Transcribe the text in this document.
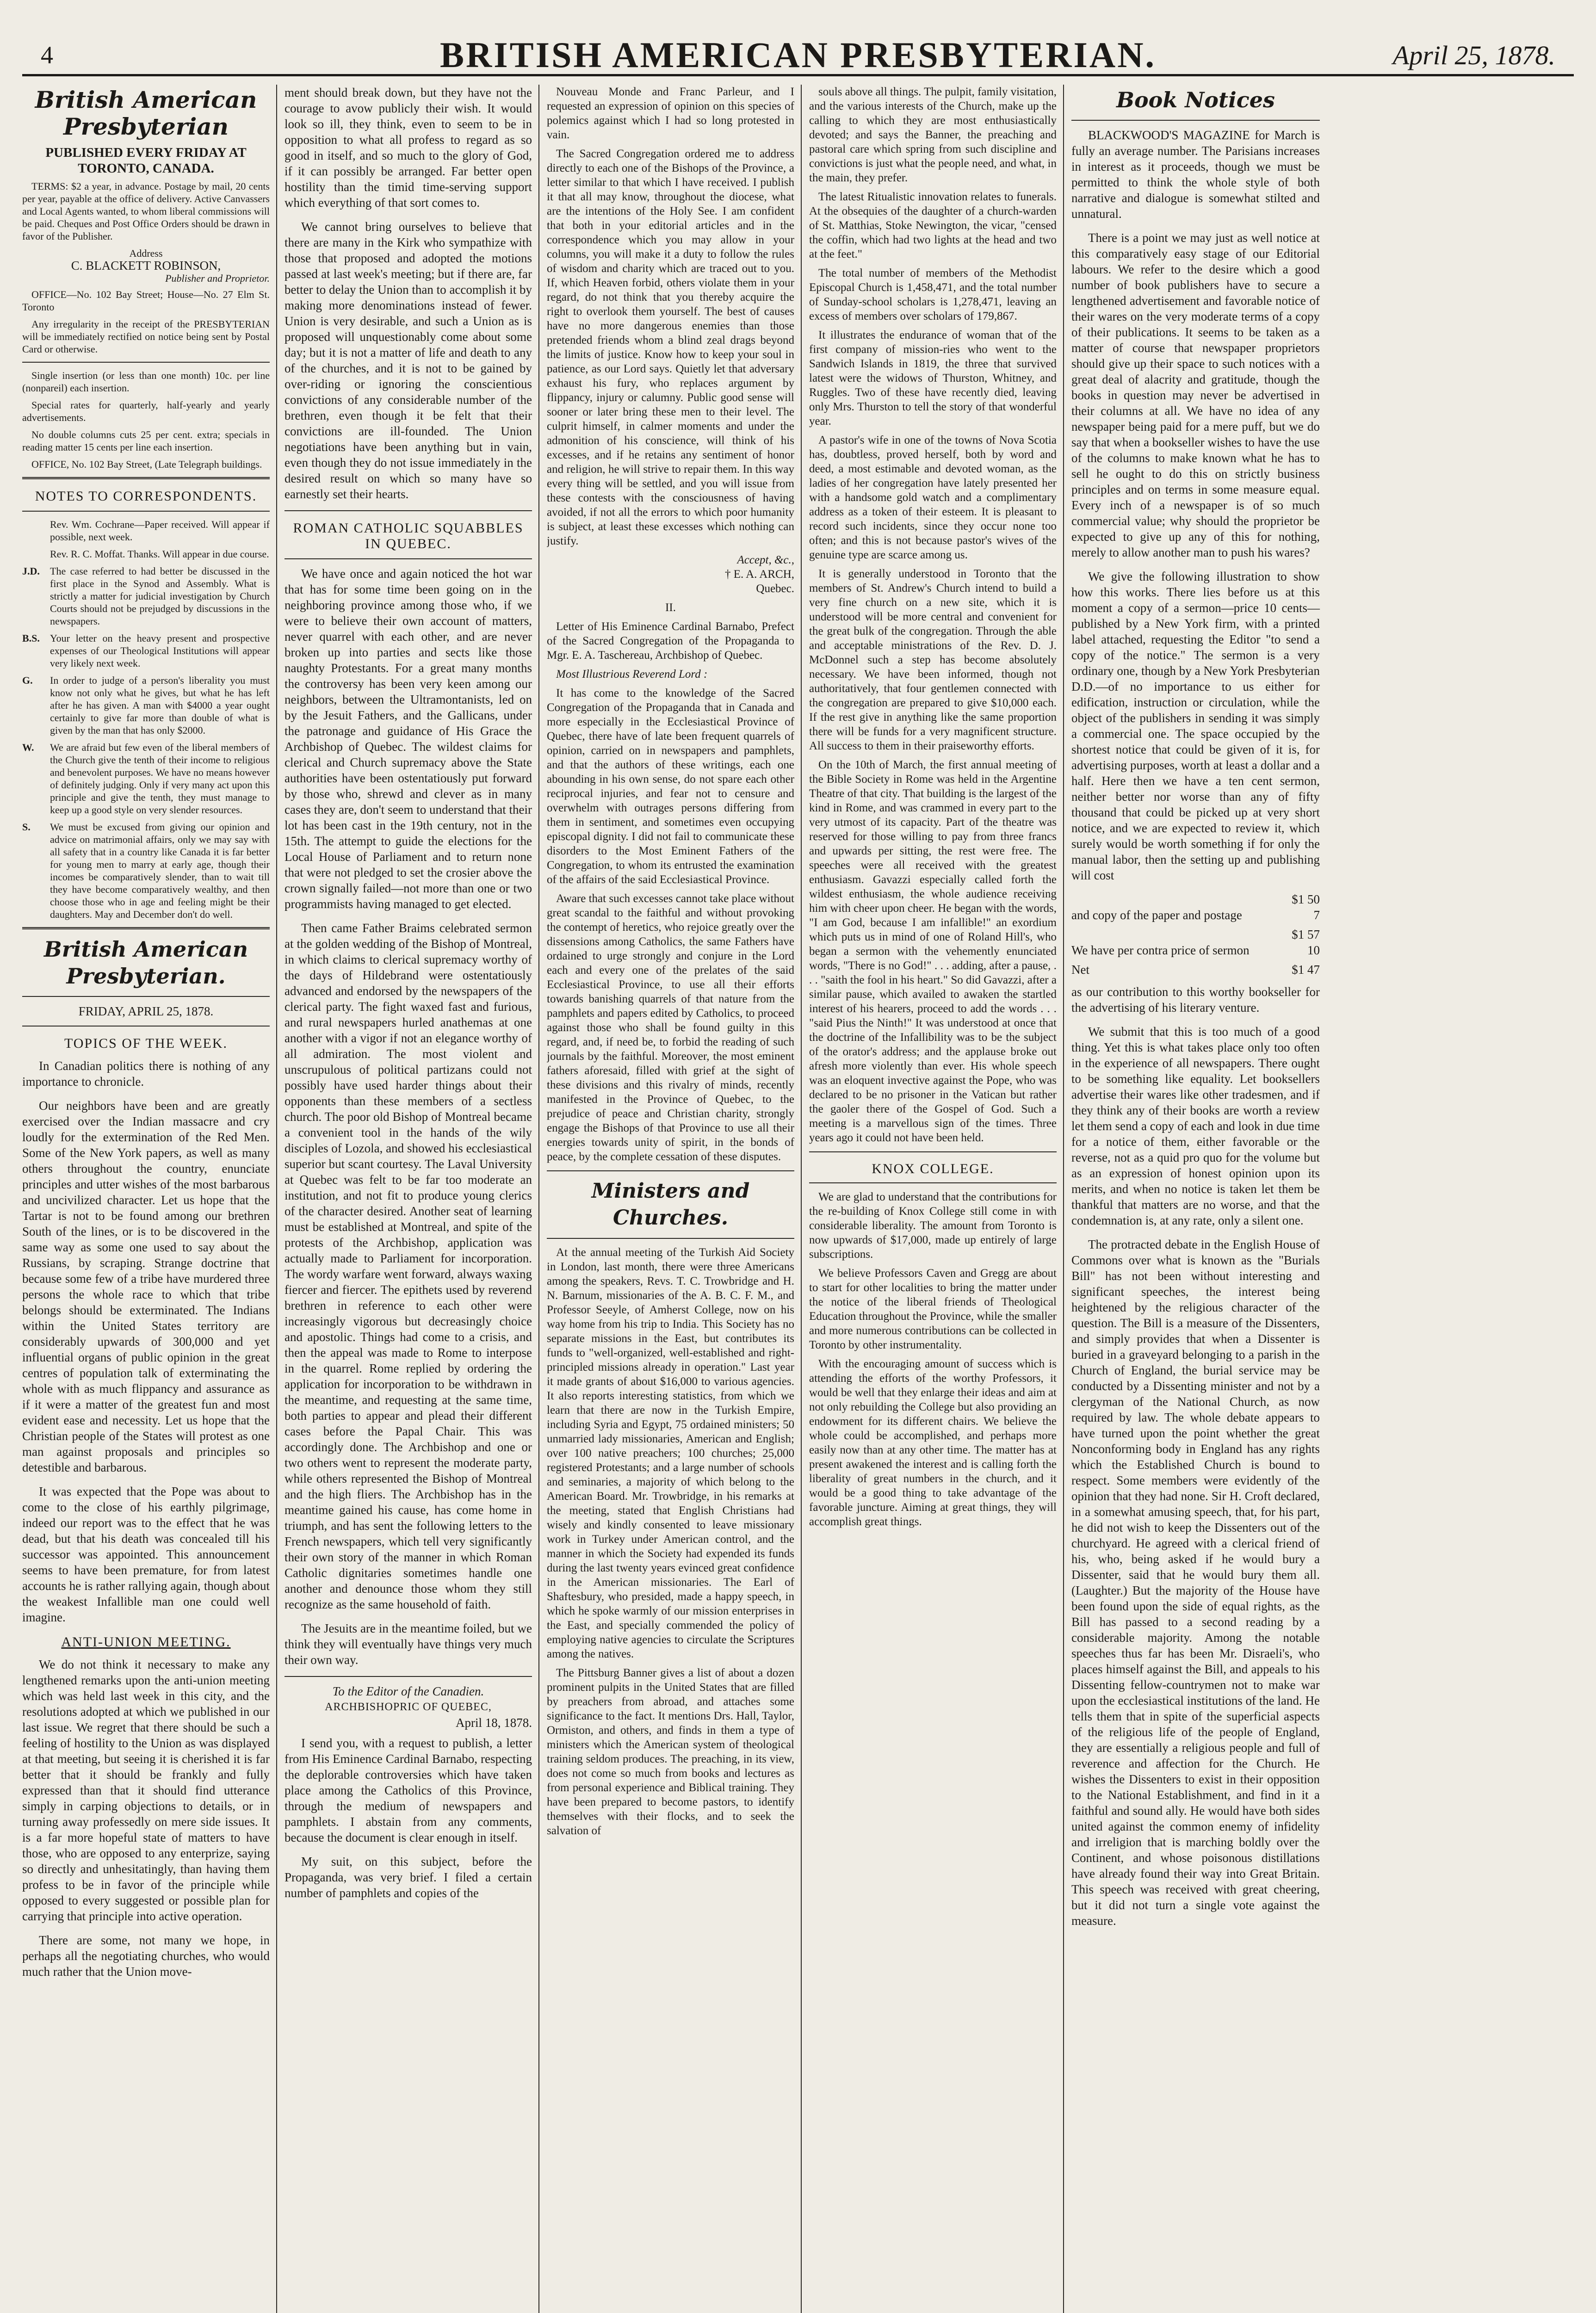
4	BRITISH AMERICAN PRESBYTERIAN.	April 25, 1878.
British American Presbyterian
PUBLISHED EVERY FRIDAY AT
TORONTO, CANADA.

TERMS: $2 a year, in advance. Postage by mail, 20 cents per year, payable at the office of delivery. Active Canvassers and Local Agents wanted, to whom liberal commissions will be paid. Cheques and Post Office Orders should be drawn in favor of the Publisher.

Address
C. BLACKETT ROBINSON,
Publisher and Proprietor.

OFFICE—No. 102 Bay Street; House—No. 27 Elm St. Toronto

Any irregularity in the receipt of the PRESBYTERIAN will be immediately rectified on notice being sent by Postal Card or otherwise.

Single insertion (or less than one month) 10c. per line (nonpareil) each insertion.

Special rates for quarterly, half-yearly and yearly advertisements.

No double columns cuts 25 per cent. extra; specials in reading matter 15 cents per line each insertion.

OFFICE, No. 102 Bay Street, (Late Telegraph buildings.

NOTES TO CORRESPONDENTS.

Rev. Wm. Cochrane—Paper received. Will appear if possible, next week.

Rev. R. C. Moffat. Thanks. Will appear in due course.

J.D. The case referred to had better be discussed in the first place in the Synod and Assembly. What is strictly a matter for judicial investigation by Church Courts should not be prejudged by discussions in the newspapers.

B.S. Your letter on the heavy present and prospective expenses of our Theological Institutions will appear very likely next week.

G. In order to judge of a person's liberality you must know not only what he gives, but what he has left after he has given. A man with $4000 a year ought certainly to give far more than double of what is given by the man that has only $2000.

W. We are afraid but few even of the liberal members of the Church give the tenth of their income to religious and benevolent purposes. We have no means however of definitely judging. Only if very many act upon this principle and give the tenth, they must manage to keep up a good style on very slender resources.

S. We must be excused from giving our opinion and advice on matrimonial affairs, only we may say with all safety that in a country like Canada it is far better for young men to marry at early age, though their incomes be comparatively slender, than to wait till they have become comparatively wealthy, and then choose those who in age and feeling might be their daughters. May and December don't do well.

British American Presbyterian.
FRIDAY, APRIL 25, 1878.
TOPICS OF THE WEEK.

In Canadian politics there is nothing of any importance to chronicle.

Our neighbors have been and are greatly exercised over the Indian massacre and cry loudly for the extermination of the Red Men. Some of the New York papers, as well as many others throughout the country, enunciate principles and utter wishes of the most barbarous and uncivilized character. Let us hope that the Tartar is not to be found among our brethren South of the lines, or is to be discovered in the same way as some one used to say about the Russians, by scraping. Strange doctrine that because some few of a tribe have murdered three persons the whole race to which that tribe belongs should be exterminated. The Indians within the United States territory are considerably upwards of 300,000 and yet influential organs of public opinion in the great centres of population talk of exterminating the whole with as much flippancy and assurance as if it were a matter of the greatest fun and most evident ease and necessity. Let us hope that the Christian people of the States will protest as one man against proposals and principles so detestible and barbarous.

It was expected that the Pope was about to come to the close of his earthly pilgrimage, indeed our report was to the effect that he was dead, but that his death was concealed till his successor was appointed. This announcement seems to have been premature, for from latest accounts he is rather rallying again, though about the weakest Infallible man one could well imagine.

ANTI-UNION MEETING.

We do not think it necessary to make any lengthened remarks upon the anti-union meeting which was held last week in this city, and the resolutions adopted at which we published in our last issue. We regret that there should be such a feeling of hostility to the Union as was displayed at that meeting, but seeing it is cherished it is far better that it should be frankly and fully expressed than that it should find utterance simply in carping objections to details, or in turning away professedly on mere side issues. It is a far more hopeful state of matters to have those, who are opposed to any enterprize, saying so directly and unhesitatingly, than having them profess to be in favor of the principle while opposed to every suggested or possible plan for carrying that principle into active operation.

There are some, not many we hope, in perhaps all the negotiating churches, who would much rather that the Union move-

ment should break down, but they have not the courage to avow publicly their wish. It would look so ill, they think, even to seem to be in opposition to what all profess to regard as so good in itself, and so much to the glory of God, if it can possibly be arranged. Far better open hostility than the timid time-serving support which everything of that sort comes to.

We cannot bring ourselves to believe that there are many in the Kirk who sympathize with those that proposed and adopted the motions passed at last week's meeting; but if there are, far better to delay the Union than to accomplish it by making more denominations instead of fewer. Union is very desirable, and such a Union as is proposed will unquestionably come about some day; but it is not a matter of life and death to any of the churches, and it is not to be gained by over-riding or ignoring the conscientious convictions of any considerable number of the brethren, even though it be felt that their convictions are ill-founded. The Union negotiations have been anything but in vain, even though they do not issue immediately in the desired result on which so many have so earnestly set their hearts.

ROMAN CATHOLIC SQUABBLES IN QUEBEC.

We have once and again noticed the hot war that has for some time been going on in the neighboring province among those who, if we were to believe their own account of matters, never quarrel with each other, and are never broken up into parties and sects like those naughty Protestants. For a great many months the controversy has been very keen among our neighbors, between the Ultramontanists, led on by the Jesuit Fathers, and the Gallicans, under the patronage and guidance of His Grace the Archbishop of Quebec. The wildest claims for clerical and Church supremacy above the State authorities have been ostentatiously put forward by those who, shrewd and clever as in many cases they are, don't seem to understand that their lot has been cast in the 19th century, not in the 15th. The attempt to guide the elections for the Local House of Parliament and to return none that were not pledged to set the crosier above the crown signally failed—not more than one or two programmists having managed to get elected.

Then came Father Braims celebrated sermon at the golden wedding of the Bishop of Montreal, in which claims to clerical supremacy worthy of the days of Hildebrand were ostentatiously advanced and endorsed by the newspapers of the clerical party. The fight waxed fast and furious, and rural newspapers hurled anathemas at one another with a vigor if not an elegance worthy of all admiration. The most violent and unscrupulous of political partizans could not possibly have used harder things about their opponents than these members of a sectless church. The poor old Bishop of Montreal became a convenient tool in the hands of the wily disciples of Lozola, and showed his ecclesiastical superior but scant courtesy. The Laval University at Quebec was felt to be far too moderate an institution, and not fit to produce young clerics of the character desired. Another seat of learning must be established at Montreal, and spite of the protests of the Archbishop, application was actually made to Parliament for incorporation. The wordy warfare went forward, always waxing fiercer and fiercer. The epithets used by reverend brethren in reference to each other were increasingly vigorous but decreasingly choice and apostolic. Things had come to a crisis, and then the appeal was made to Rome to interpose in the quarrel. Rome replied by ordering the application for incorporation to be withdrawn in the meantime, and requesting at the same time, both parties to appear and plead their different cases before the Papal Chair. This was accordingly done. The Archbishop and one or two others went to represent the moderate party, while others represented the Bishop of Montreal and the high fliers. The Archbishop has in the meantime gained his cause, has come home in triumph, and has sent the following letters to the French newspapers, which tell very significantly their own story of the manner in which Roman Catholic dignitaries sometimes handle one another and denounce those whom they still recognize as the same household of faith.

The Jesuits are in the meantime foiled, but we think they will eventually have things very much their own way.

To the Editor of the Canadien.
ARCHBISHOPRIC OF QUEBEC,
April 18, 1878.

I send you, with a request to publish, a letter from His Eminence Cardinal Barnabo, respecting the deplorable controversies which have taken place among the Catholics of this Province, through the medium of newspapers and pamphlets. I abstain from any comments, because the document is clear enough in itself.

My suit, on this subject, before the Propaganda, was very brief. I filed a certain number of pamphlets and copies of the

Nouveau Monde and Franc Parleur, and I requested an expression of opinion on this species of polemics against which I had so long protested in vain.

The Sacred Congregation ordered me to address directly to each one of the Bishops of the Province, a letter similar to that which I have received. I publish it that all may know, throughout the diocese, what are the intentions of the Holy See. I am confident that both in your editorial articles and in the correspondence which you may allow in your columns, you will make it a duty to follow the rules of wisdom and charity which are traced out to you. If, which Heaven forbid, others violate them in your regard, do not think that you thereby acquire the right to overlook them yourself. The best of causes have no more dangerous enemies than those pretended friends whom a blind zeal drags beyond the limits of justice. Know how to keep your soul in patience, as our Lord says. Quietly let that adversary exhaust his fury, who replaces argument by flippancy, injury or calumny. Public good sense will sooner or later bring these men to their level. The culprit himself, in calmer moments and under the admonition of his conscience, will think of his excesses, and if he retains any sentiment of honor and religion, he will strive to repair them. In this way every thing will be settled, and you will issue from these contests with the consciousness of having avoided, if not all the errors to which poor humanity is subject, at least these excesses which nothing can justify.

Accept, &c.,
† E. A. ARCH,
Quebec.
II.

Letter of His Eminence Cardinal Barnabo, Prefect of the Sacred Congregation of the Propaganda to Mgr. E. A. Taschereau, Archbishop of Quebec.

Most Illustrious Reverend Lord :

It has come to the knowledge of the Sacred Congregation of the Propaganda that in Canada and more especially in the Ecclesiastical Province of Quebec, there have of late been frequent quarrels of opinion, carried on in newspapers and pamphlets, and that the authors of these writings, each one abounding in his own sense, do not spare each other reciprocal injuries, and fear not to censure and overwhelm with outrages persons differing from them in sentiment, and sometimes even occupying episcopal dignity. I did not fail to communicate these disorders to the Most Eminent Fathers of the Congregation, to whom its entrusted the examination of the affairs of the said Ecclesiastical Province.

Aware that such excesses cannot take place without great scandal to the faithful and without provoking the contempt of heretics, who rejoice greatly over the dissensions among Catholics, the same Fathers have ordained to urge strongly and conjure in the Lord each and every one of the prelates of the said Ecclesiastical Province, to use all their efforts towards banishing quarrels of that nature from the pamphlets and papers edited by Catholics, to proceed against those who shall be found guilty in this regard, and, if need be, to forbid the reading of such journals by the faithful. Moreover, the most eminent fathers aforesaid, filled with grief at the sight of these divisions and this rivalry of minds, recently manifested in the Province of Quebec, to the prejudice of peace and Christian charity, strongly engage the Bishops of that Province to use all their energies towards unity of spirit, in the bonds of peace, by the complete cessation of these disputes.

Ministers and Churches.

At the annual meeting of the Turkish Aid Society in London, last month, there were three Americans among the speakers, Revs. T. C. Trowbridge and H. N. Barnum, missionaries of the A. B. C. F. M., and Professor Seeyle, of Amherst College, now on his way home from his trip to India. This Society has no separate missions in the East, but contributes its funds to "well-organized, well-established and right-principled missions already in operation." Last year it made grants of about $16,000 to various agencies. It also reports interesting statistics, from which we learn that there are now in the Turkish Empire, including Syria and Egypt, 75 ordained ministers; 50 unmarried lady missionaries, American and English; over 100 native preachers; 100 churches; 25,000 registered Protestants; and a large number of schools and seminaries, a majority of which belong to the American Board. Mr. Trowbridge, in his remarks at the meeting, stated that English Christians had wisely and kindly consented to leave missionary work in Turkey under American control, and the manner in which the Society had expended its funds during the last twenty years evinced great confidence in the American missionaries. The Earl of Shaftesbury, who presided, made a happy speech, in which he spoke warmly of our mission enterprises in the East, and specially commended the policy of employing native agencies to circulate the Scriptures among the natives.

The Pittsburg Banner gives a list of about a dozen prominent pulpits in the United States that are filled by preachers from abroad, and attaches some significance to the fact. It mentions Drs. Hall, Taylor, Ormiston, and others, and finds in them a type of ministers which the American system of theological training seldom produces. The preaching, in its view, does not come so much from books and lectures as from personal experience and Biblical training. They have been prepared to become pastors, to identify themselves with their flocks, and to seek the salvation of

souls above all things. The pulpit, family visitation, and the various interests of the Church, make up the calling to which they are most enthusiastically devoted; and says the Banner, the preaching and pastoral care which spring from such discipline and convictions is just what the people need, and what, in the main, they prefer.

The latest Ritualistic innovation relates to funerals. At the obsequies of the daughter of a church-warden of St. Matthias, Stoke Newington, the vicar, "censed the coffin, which had two lights at the head and two at the feet."

The total number of members of the Methodist Episcopal Church is 1,458,471, and the total number of Sunday-school scholars is 1,278,471, leaving an excess of members over scholars of 179,867.

It illustrates the endurance of woman that of the first company of mission-ries who went to the Sandwich Islands in 1819, the three that survived latest were the widows of Thurston, Whitney, and Ruggles. Two of these have recently died, leaving only Mrs. Thurston to tell the story of that wonderful year.

A pastor's wife in one of the towns of Nova Scotia has, doubtless, proved herself, both by word and deed, a most estimable and devoted woman, as the ladies of her congregation have lately presented her with a handsome gold watch and a complimentary address as a token of their esteem. It is pleasant to record such incidents, since they occur none too often; and this is not because pastor's wives of the genuine type are scarce among us.

It is generally understood in Toronto that the members of St. Andrew's Church intend to build a very fine church on a new site, which it is understood will be more central and convenient for the great bulk of the congregation. Through the able and acceptable ministrations of the Rev. D. J. McDonnel such a step has become absolutely necessary. We have been informed, though not authoritatively, that four gentlemen connected with the congregation are prepared to give $10,000 each. If the rest give in anything like the same proportion there will be funds for a very magnificent structure. All success to them in their praiseworthy efforts.

On the 10th of March, the first annual meeting of the Bible Society in Rome was held in the Argentine Theatre of that city. That building is the largest of the kind in Rome, and was crammed in every part to the very utmost of its capacity. Part of the theatre was reserved for those willing to pay from three francs and upwards per sitting, the rest were free. The speeches were all received with the greatest enthusiasm. Gavazzi especially called forth the wildest enthusiasm, the whole audience receiving him with cheer upon cheer. He began with the words, "I am God, because I am infallible!" an exordium which puts us in mind of one of Roland Hill's, who began a sermon with the vehemently enunciated words, "There is no God!" . . . adding, after a pause, . . . "saith the fool in his heart." So did Gavazzi, after a similar pause, which availed to awaken the startled interest of his hearers, proceed to add the words . . . "said Pius the Ninth!" It was understood at once that the doctrine of the Infallibility was to be the subject of the orator's address; and the applause broke out afresh more violently than ever. His whole speech was an eloquent invective against the Pope, who was declared to be no prisoner in the Vatican but rather the gaoler there of the Gospel of God. Such a meeting is a marvellous sign of the times. Three years ago it could not have been held.

KNOX COLLEGE.

We are glad to understand that the contributions for the re-building of Knox College still come in with considerable liberality. The amount from Toronto is now upwards of $17,000, made up entirely of large subscriptions.

We believe Professors Caven and Gregg are about to start for other localities to bring the matter under the notice of the liberal friends of Theological Education throughout the Province, while the smaller and more numerous contributions can be collected in Toronto by other instrumentality.

With the encouraging amount of success which is attending the efforts of the worthy Professors, it would be well that they enlarge their ideas and aim at not only rebuilding the College but also providing an endowment for its different chairs. We believe the whole could be accomplished, and perhaps more easily now than at any other time. The matter has at present awakened the interest and is calling forth the liberality of great numbers in the church, and it would be a good thing to take advantage of the favorable juncture. Aiming at great things, they will accomplish great things.

Book Notices

BLACKWOOD'S MAGAZINE for March is fully an average number. The Parisians increases in interest as it proceeds, though we must be permitted to think the whole style of both narrative and dialogue is somewhat stilted and unnatural.

There is a point we may just as well notice at this comparatively easy stage of our Editorial labours. We refer to the desire which a good number of book publishers have to secure a lengthened advertisement and favorable notice of their wares on the very moderate terms of a copy of their publications. It seems to be taken as a matter of course that newspaper proprietors should give up their space to such notices with a great deal of alacrity and gratitude, though the books in question may never be advertised in their columns at all. We have no idea of any newspaper being paid for a mere puff, but we do say that when a bookseller wishes to have the use of the columns to make known what he has to sell he ought to do this on strictly business principles and on terms in some measure equal. Every inch of a newspaper is of so much commercial value; why should the proprietor be expected to give up any of this for nothing, merely to allow another man to push his wares?

We give the following illustration to show how this works. There lies before us at this moment a copy of a sermon—price 10 cents—published by a New York firm, with a printed label attached, requesting the Editor "to send a copy of the notice." The sermon is a very ordinary one, though by a New York Presbyterian D.D.—of no importance to us either for edification, instruction or circulation, while the object of the publishers in sending it was simply a commercial one. The space occupied by the shortest notice that could be given of it is, for advertising purposes, worth at least a dollar and a half. Here then we have a ten cent sermon, neither better nor worse than any of fifty thousand that could be picked up at very short notice, and we are expected to review it, which surely would be worth something if for only the manual labor, then the setting up and publishing will cost

$1 50
and copy of the paper and postage	7
$1 57
We have per contra price of sermon	10
Net	$1 47

as our contribution to this worthy bookseller for the advertising of his literary venture.

We submit that this is too much of a good thing. Yet this is what takes place only too often in the experience of all newspapers. There ought to be something like equality. Let booksellers advertise their wares like other tradesmen, and if they think any of their books are worth a review let them send a copy of each and look in due time for a notice of them, either favorable or the reverse, not as a quid pro quo for the volume but as an expression of honest opinion upon its merits, and when no notice is taken let them be thankful that matters are no worse, and that the condemnation is, at any rate, only a silent one.

The protracted debate in the English House of Commons over what is known as the "Burials Bill" has not been without interesting and significant speeches, the interest being heightened by the religious character of the question. The Bill is a measure of the Dissenters, and simply provides that when a Dissenter is buried in a graveyard belonging to a parish in the Church of England, the burial service may be conducted by a Dissenting minister and not by a clergyman of the National Church, as now required by law. The whole debate appears to have turned upon the point whether the great Nonconforming body in England has any rights which the Established Church is bound to respect. Some members were evidently of the opinion that they had none. Sir H. Croft declared, in a somewhat amusing speech, that, for his part, he did not wish to keep the Dissenters out of the churchyard. He agreed with a clerical friend of his, who, being asked if he would bury a Dissenter, said that he would bury them all. (Laughter.) But the majority of the House have been found upon the side of equal rights, as the Bill has passed to a second reading by a considerable majority. Among the notable speeches thus far has been Mr. Disraeli's, who places himself against the Bill, and appeals to his Dissenting fellow-countrymen not to make war upon the ecclesiastical institutions of the land. He tells them that in spite of the superficial aspects of the religious life of the people of England, they are essentially a religious people and full of reverence and affection for the Church. He wishes the Dissenters to exist in their opposition to the National Establishment, and find in it a faithful and sound ally. He would have both sides united against the common enemy of infidelity and irreligion that is marching boldly over the Continent, and whose poisonous distillations have already found their way into Great Britain. This speech was received with great cheering, but it did not turn a single vote against the measure.
